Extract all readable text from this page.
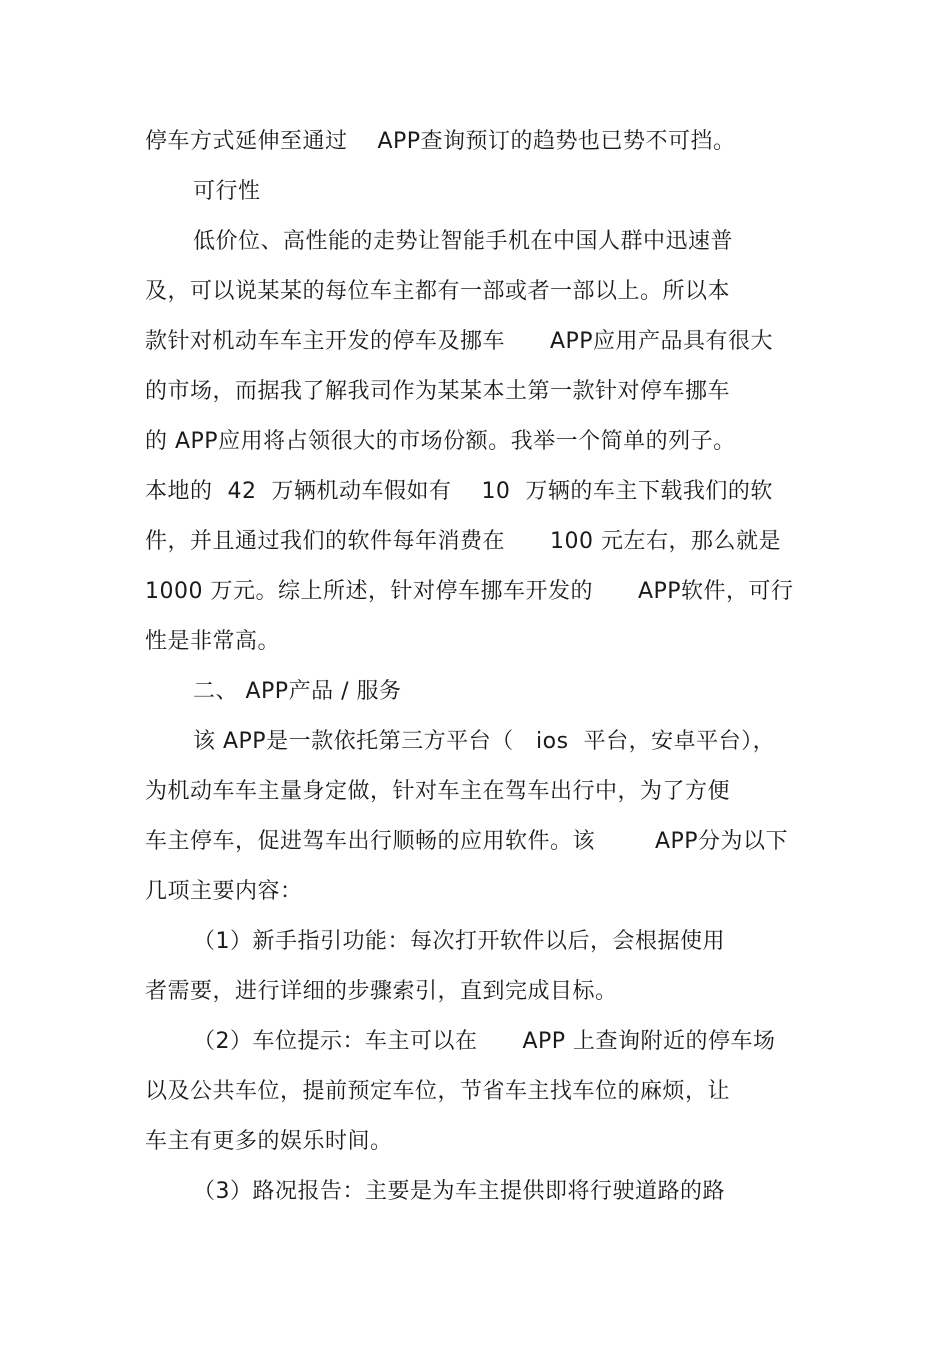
停车方式延伸至通过    APP查询预订的趋势也已势不可挡。
可行性
低价位、高性能的走势让智能手机在中国人群中迅速普
及，可以说某某的每位车主都有一部或者一部以上。所以本
款针对机动车车主开发的停车及挪车      APP应用产品具有很大
的市场，而据我了解我司作为某某本土第一款针对停车挪车
的 APP应用将占领很大的市场份额。我举一个简单的列子。
本地的  42  万辆机动车假如有    10  万辆的车主下载我们的软
件，并且通过我们的软件每年消费在      100 元左右，那么就是
1000 万元。综上所述，针对停车挪车开发的      APP软件，可行
性是非常高。
二、 APP产品 / 服务
该 APP是一款依托第三方平台（   ios  平台，安卓平台），
为机动车车主量身定做，针对车主在驾车出行中，为了方便
车主停车，促进驾车出行顺畅的应用软件。该        APP分为以下
几项主要内容：
（1）新手指引功能：每次打开软件以后，会根据使用
者需要，进行详细的步骤索引，直到完成目标。
（2）车位提示：车主可以在      APP 上查询附近的停车场
以及公共车位，提前预定车位，节省车主找车位的麻烦，让
车主有更多的娱乐时间。
（3）路况报告：主要是为车主提供即将行驶道路的路
